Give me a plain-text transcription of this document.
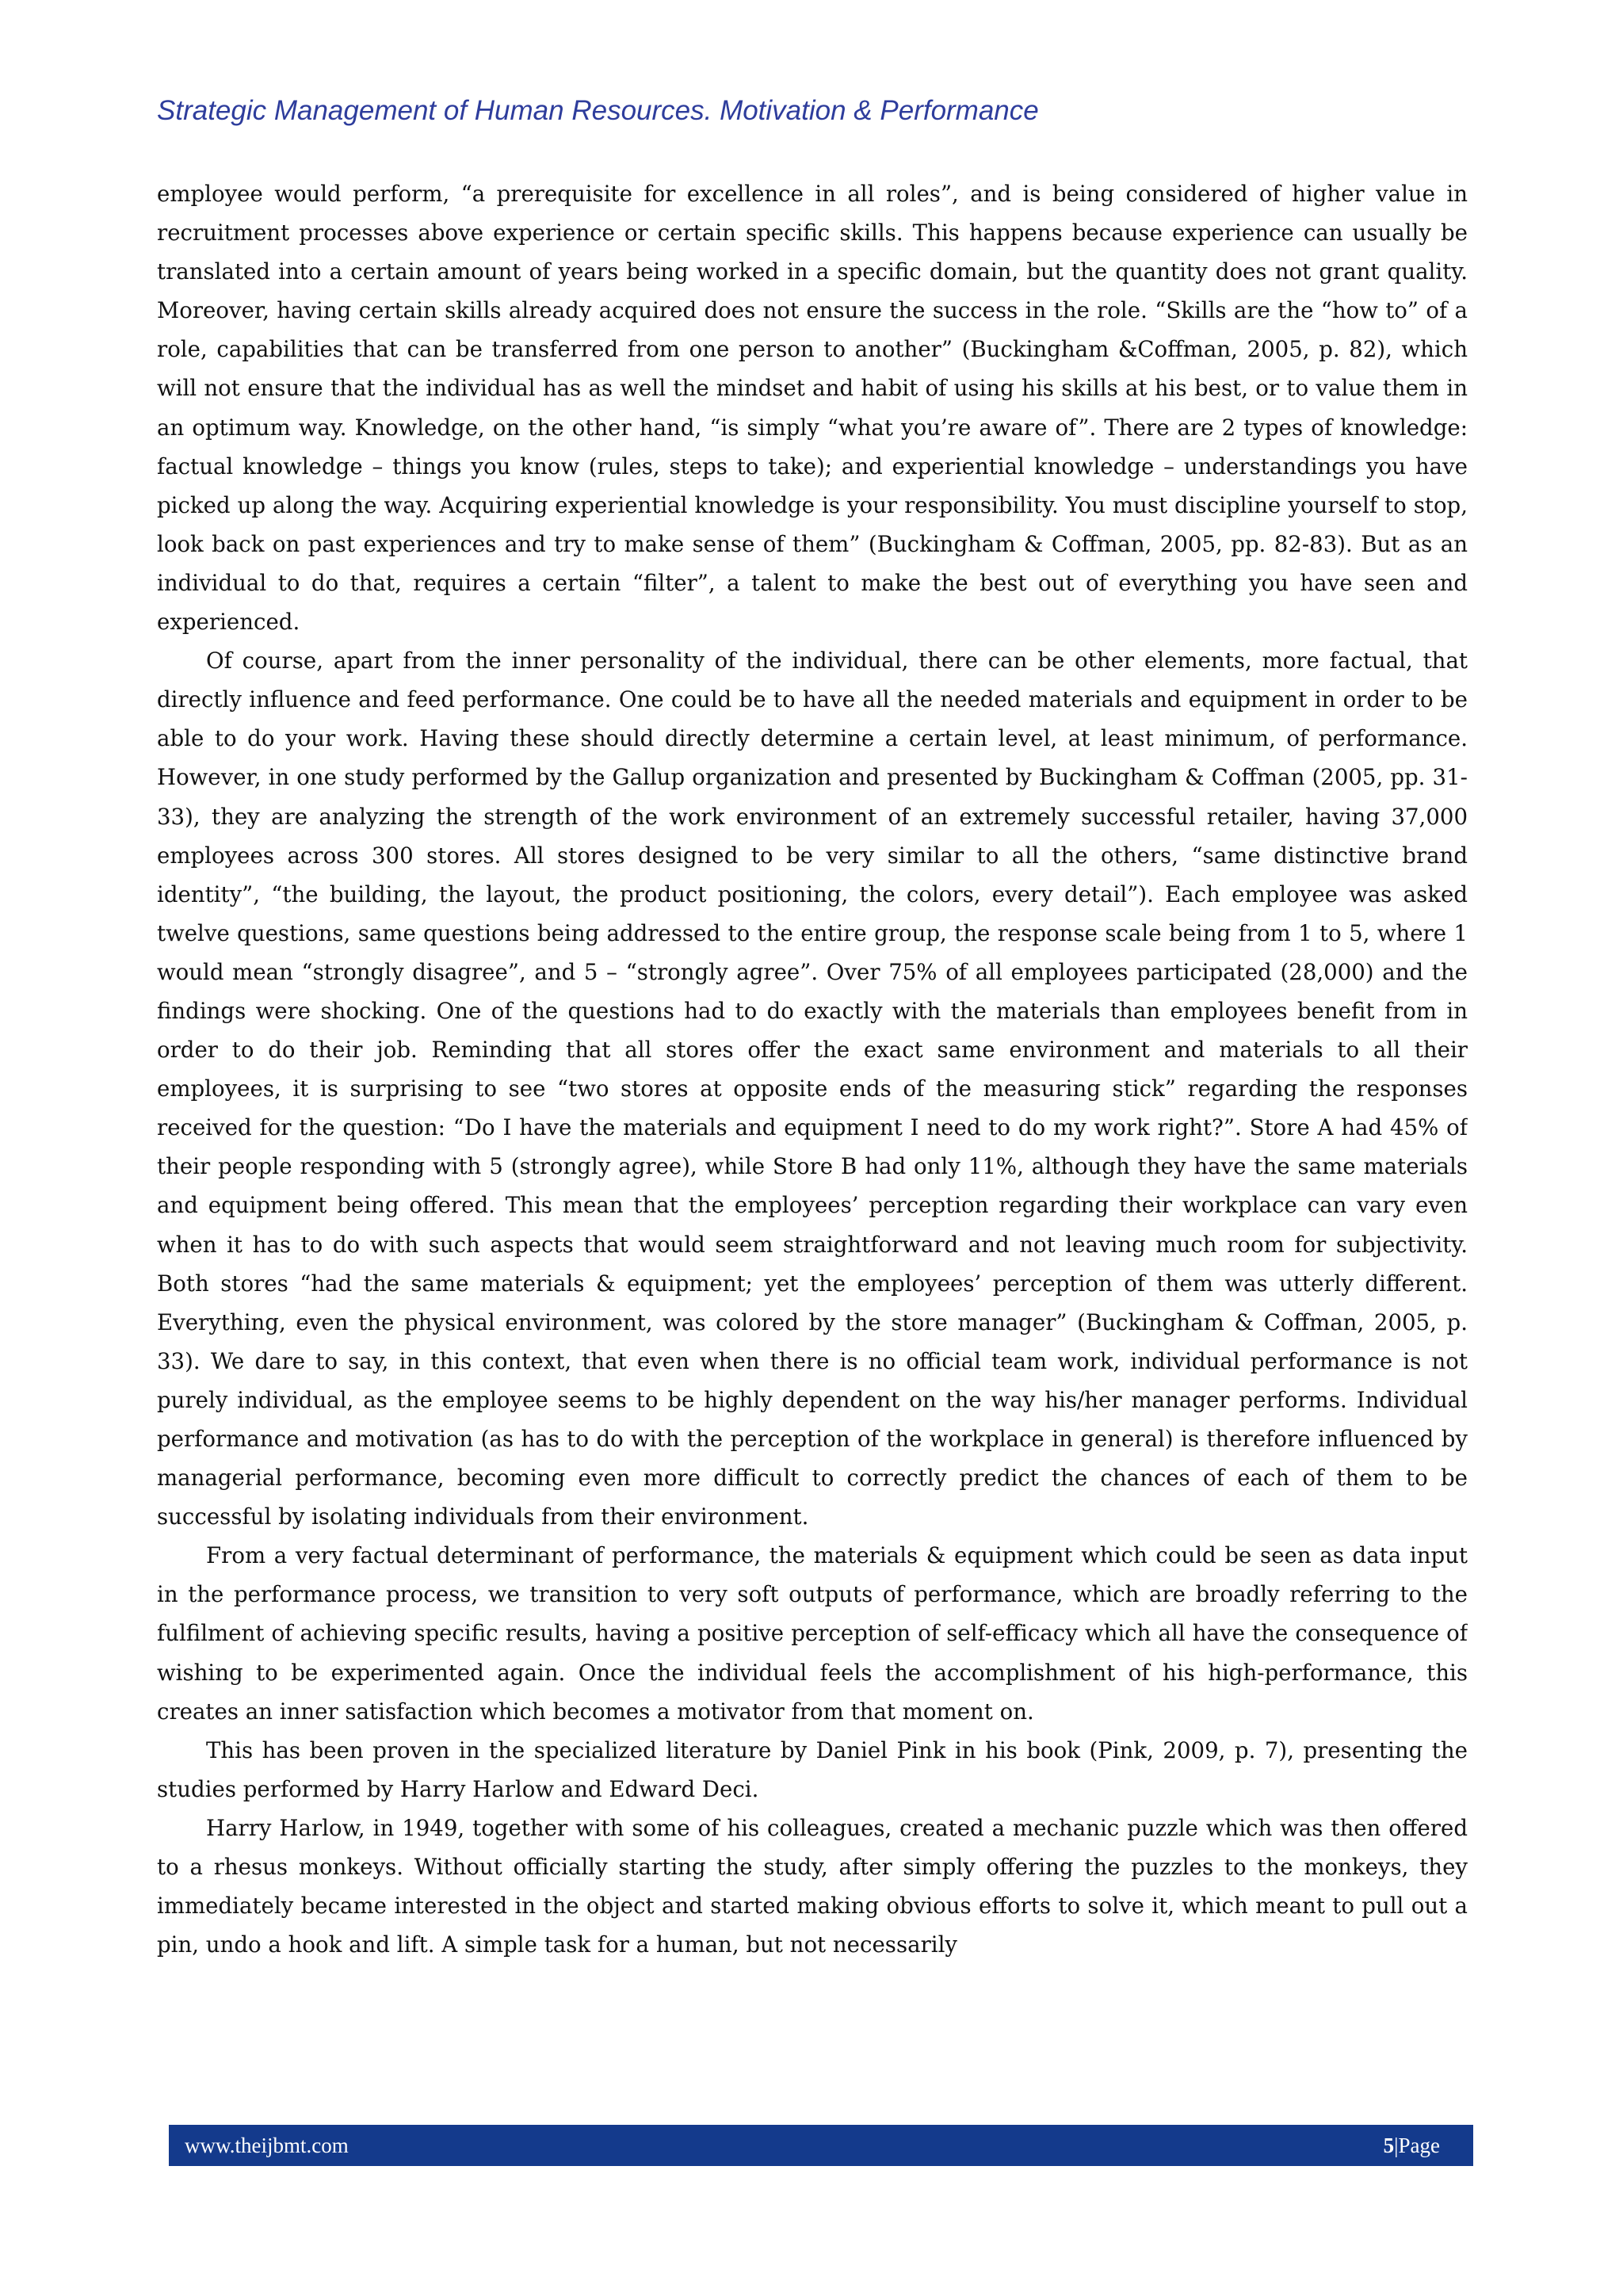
Strategic Management of Human Resources. Motivation & Performance

employee would perform, “a prerequisite for excellence in all roles”, and is being considered of higher value in recruitment processes above experience or certain specific skills. This happens because experience can usually be translated into a certain amount of years being worked in a specific domain, but the quantity does not grant quality. Moreover, having certain skills already acquired does not ensure the success in the role. “Skills are the “how to” of a role, capabilities that can be transferred from one person to another” (Buckingham &Coffman, 2005, p. 82), which will not ensure that the individual has as well the mindset and habit of using his skills at his best, or to value them in an optimum way. Knowledge, on the other hand, “is simply “what you’re aware of”. There are 2 types of knowledge: factual knowledge – things you know (rules, steps to take); and experiential knowledge – understandings you have picked up along the way. Acquiring experiential knowledge is your responsibility. You must discipline yourself to stop, look back on past experiences and try to make sense of them” (Buckingham & Coffman, 2005, pp. 82-83). But as an individual to do that, requires a certain “filter”, a talent to make the best out of everything you have seen and experienced.

Of course, apart from the inner personality of the individual, there can be other elements, more factual, that directly influence and feed performance. One could be to have all the needed materials and equipment in order to be able to do your work. Having these should directly determine a certain level, at least minimum, of performance. However, in one study performed by the Gallup organization and presented by Buckingham & Coffman (2005, pp. 31-33), they are analyzing the strength of the work environment of an extremely successful retailer, having 37,000 employees across 300 stores. All stores designed to be very similar to all the others, “same distinctive brand identity”, “the building, the layout, the product positioning, the colors, every detail”). Each employee was asked twelve questions, same questions being addressed to the entire group, the response scale being from 1 to 5, where 1 would mean “strongly disagree”, and 5 – “strongly agree”. Over 75% of all employees participated (28,000) and the findings were shocking. One of the questions had to do exactly with the materials than employees benefit from in order to do their job. Reminding that all stores offer the exact same environment and materials to all their employees, it is surprising to see “two stores at opposite ends of the measuring stick” regarding the responses received for the question: “Do I have the materials and equipment I need to do my work right?”. Store A had 45% of their people responding with 5 (strongly agree), while Store B had only 11%, although they have the same materials and equipment being offered. This mean that the employees’ perception regarding their workplace can vary even when it has to do with such aspects that would seem straightforward and not leaving much room for subjectivity. Both stores “had the same materials & equipment; yet the employees’ perception of them was utterly different. Everything, even the physical environment, was colored by the store manager” (Buckingham & Coffman, 2005, p. 33). We dare to say, in this context, that even when there is no official team work, individual performance is not purely individual, as the employee seems to be highly dependent on the way his/her manager performs. Individual performance and motivation (as has to do with the perception of the workplace in general) is therefore influenced by managerial performance, becoming even more difficult to correctly predict the chances of each of them to be successful by isolating individuals from their environment.

From a very factual determinant of performance, the materials & equipment which could be seen as data input in the performance process, we transition to very soft outputs of performance, which are broadly referring to the fulfilment of achieving specific results, having a positive perception of self-efficacy which all have the consequence of wishing to be experimented again. Once the individual feels the accomplishment of his high-performance, this creates an inner satisfaction which becomes a motivator from that moment on.

This has been proven in the specialized literature by Daniel Pink in his book (Pink, 2009, p. 7), presenting the studies performed by Harry Harlow and Edward Deci.

Harry Harlow, in 1949, together with some of his colleagues, created a mechanic puzzle which was then offered to a rhesus monkeys. Without officially starting the study, after simply offering the puzzles to the monkeys, they immediately became interested in the object and started making obvious efforts to solve it, which meant to pull out a pin, undo a hook and lift. A simple task for a human, but not necessarily

www.theijbmt.com	5|Page
